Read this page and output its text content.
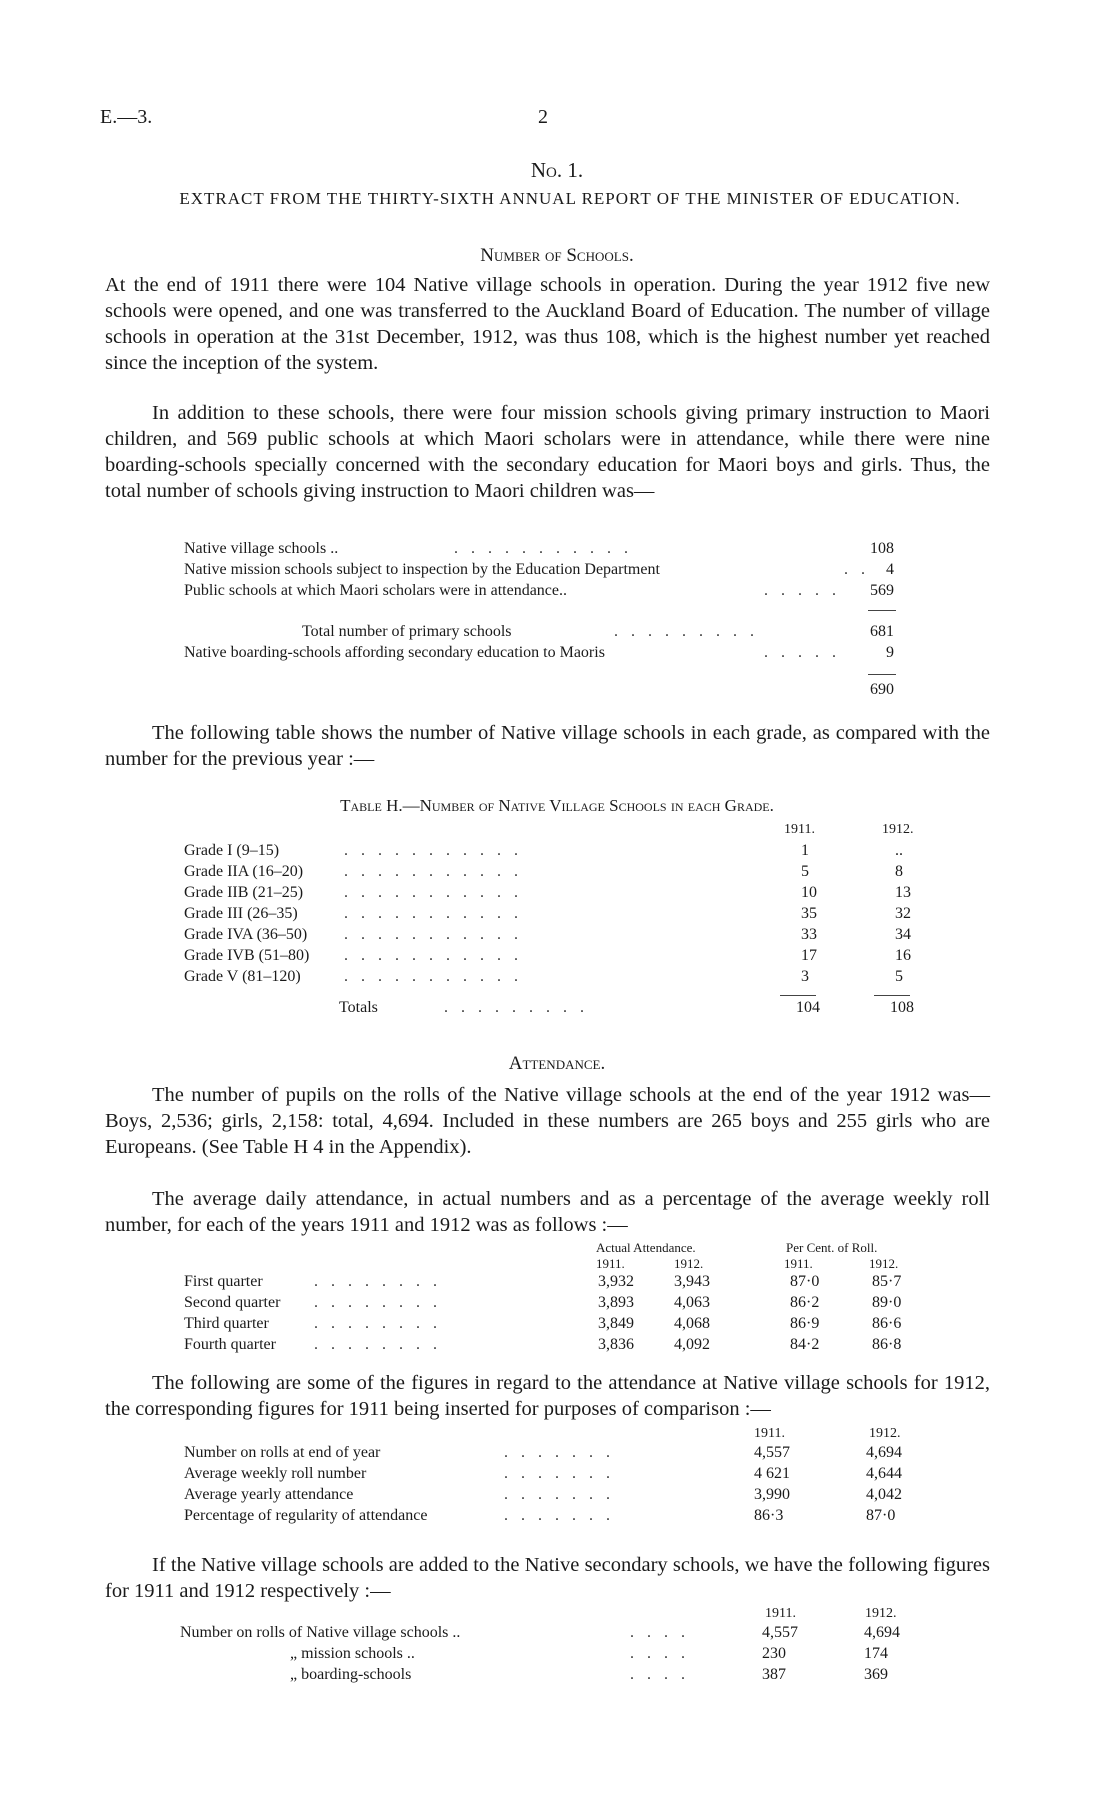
E.—3.	2
No. 1.
EXTRACT FROM THE THIRTY-SIXTH ANNUAL REPORT OF THE MINISTER OF EDUCATION.
Number of Schools.
At the end of 1911 there were 104 Native village schools in operation. During the year 1912 five new schools were opened, and one was transferred to the Auckland Board of Education. The number of village schools in operation at the 31st December, 1912, was thus 108, which is the highest number yet reached since the inception of the system.
In addition to these schools, there were four mission schools giving primary instruction to Maori children, and 569 public schools at which Maori scholars were in attendance, while there were nine boarding-schools specially concerned with the secondary education for Maori boys and girls. Thus, the total number of schools giving instruction to Maori children was—
Native village schools ..	...........	108
Native mission schools subject to inspection by the Education Department	.. 4
Public schools at which Maori scholars were in attendance..	..... 569
Total number of primary schools	.........	681
Native boarding-schools affording secondary education to Maoris	..... 9
690
The following table shows the number of Native village schools in each grade, as compared with the number for the previous year :—
Table H.—Number of Native Village Schools in each Grade.
1911.	1912.
Grade I (9–15)	...........	1	..
Grade IIA (16–20)	...........	5	8
Grade IIB (21–25)	...........	10	13
Grade III (26–35)	...........	35	32
Grade IVA (36–50) ...........	33	34
Grade IVB (51–80) ...........	17	16
Grade V (81–120)	...........	3	5
Totals	.........	104	108
Attendance.
The number of pupils on the rolls of the Native village schools at the end of the year 1912 was—Boys, 2,536; girls, 2,158: total, 4,694. Included in these numbers are 265 boys and 255 girls who are Europeans. (See Table H 4 in the Appendix).
The average daily attendance, in actual numbers and as a percentage of the average weekly roll number, for each of the years 1911 and 1912 was as follows :—
Actual Attendance.	Per Cent. of Roll.
1911.	1912.	1911.	1912.
First quarter	........	3,932	3,943	87·0	85·7
Second quarter ........	3,893	4,063	86·2	89·0
Third quarter	........	3,849	4,068	86·9	86·6
Fourth quarter ........	3,836	4,092	84·2	86·8
The following are some of the figures in regard to the attendance at Native village schools for 1912, the corresponding figures for 1911 being inserted for purposes of comparison :—
1911.	1912.
Number on rolls at end of year	.......	4,557	4,694
Average weekly roll number	.......	4 621	4,644
Average yearly attendance	.......	3,990	4,042
Percentage of regularity of attendance	.......	86·3	87·0
If the Native village schools are added to the Native secondary schools, we have the following figures for 1911 and 1912 respectively :—
1911.	1912.
Number on rolls of Native village schools ..	....	4,557	4,694
„ mission schools ..	....	230	174
„ boarding-schools	....	387	369
